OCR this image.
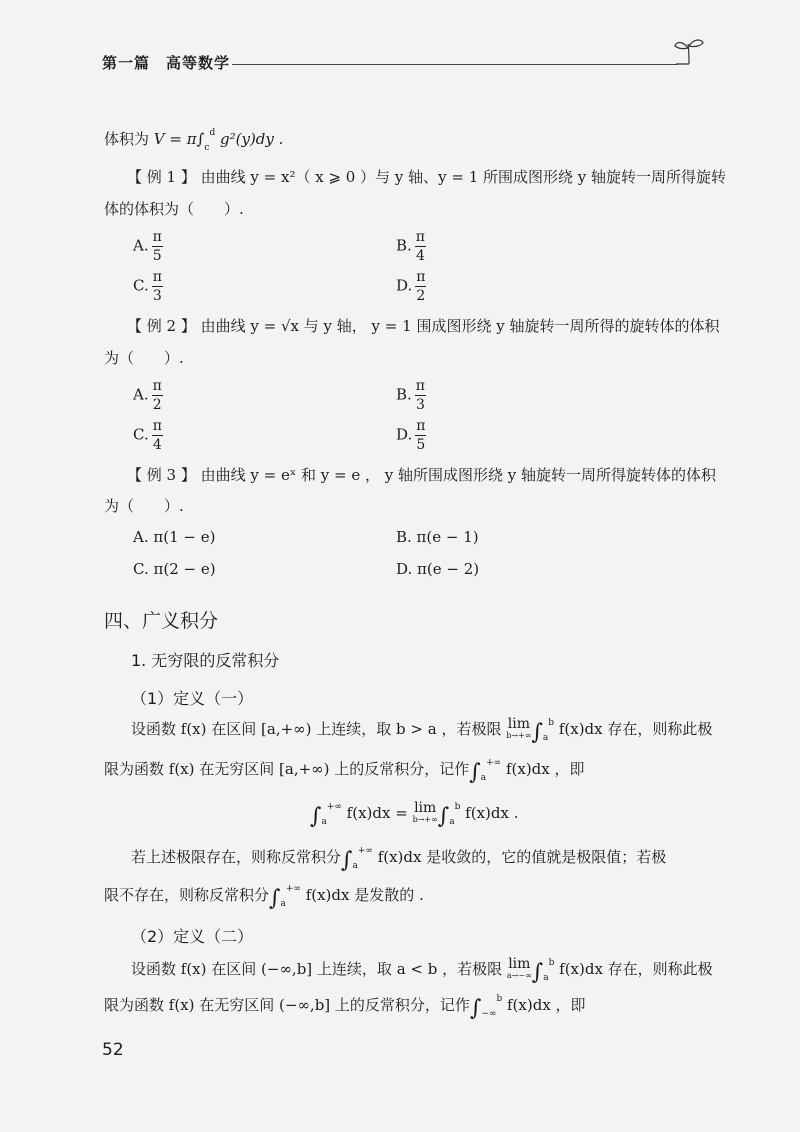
第一篇　高等数学
体积为 $V = \pi\int_c^d$ g²(y)dy .
【 例 1 】 由曲线 y = x²（ x ⩾ 0 ）与 y 轴、y = 1 所围成图形绕 y 轴旋转一周所得旋转
体的体积为（　　）.
A. $\frac{\pi}{5}$	B. $\frac{\pi}{4}$
C. $\frac{\pi}{3}$	D. $\frac{\pi}{2}$
【 例 2 】 由曲线 y = √x 与 y 轴， y = 1 围成图形绕 y 轴旋转一周所得的旋转体的体积
为（　　）.
A. $\frac{\pi}{2}$	B. $\frac{\pi}{3}$
C. $\frac{\pi}{4}$	D. $\frac{\pi}{5}$
【 例 3 】 由曲线 y = eˣ 和 y = e ， y 轴所围成图形绕 y 轴旋转一周所得旋转体的体积
为（　　）.
A. π(1 − e)	B. π(e − 1)
C. π(2 − e)	D. π(e − 2)
四、广义积分
1. 无穷限的反常积分
（1）定义（一）
设函数 f(x) 在区间 [a,+∞) 上连续，取 b > a ，若极限 lim
b→+∞ $\int_a^b$ f(x)dx 存在，则称此极
限为函数 f(x) 在无穷区间 [a,+∞) 上的反常积分，记作$\int_a^{+\infty}$ f(x)dx ，即
$\int_a^{+\infty}$ f(x)dx = lim
b→+∞ $\int_a^b$ f(x)dx .
若上述极限存在，则称反常积分$\int_a^{+\infty}$ f(x)dx 是收敛的，它的值就是极限值；若极
限不存在，则称反常积分$\int_a^{+\infty}$ f(x)dx 是发散的 .
（2）定义（二）
设函数 f(x) 在区间 (−∞,b] 上连续，取 a < b ，若极限 lim
a→−∞ $\int_a^b$ f(x)dx 存在，则称此极
限为函数 f(x) 在无穷区间 (−∞,b] 上的反常积分，记作$\int_{-\infty}^b$ f(x)dx ，即
52
